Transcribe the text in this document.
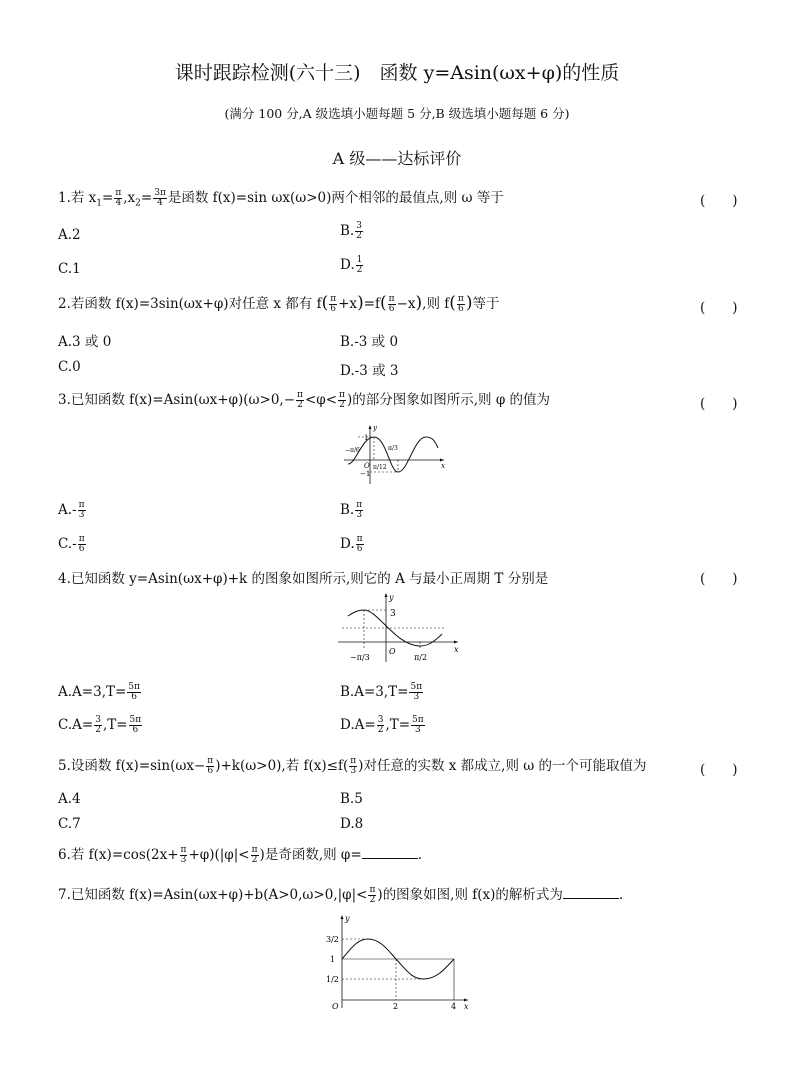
课时跟踪检测(六十三)　函数 y=Asin(ωx+φ)的性质
(满分 100 分,A 级选填小题每题 5 分,B 级选填小题每题 6 分)
A 级——达标评价
1.若 $x_1= \frac{\pi}{4} ,x_2= \frac{3\pi}{4}$ 是函数 f(x)=sin ωx(ω>0)两个相邻的最值点,则 ω 等于	(　　)
A.2	B. $\frac{3}{2}$
C.1	D. $\frac{1}{2}$
2.若函数 f(x)=3sin(ωx+φ)对任意 x 都有 $f( \frac{\pi}{6} +x)=f( \frac{\pi}{6} -x)$,则 $f( \frac{\pi}{6}$ )等于	(　　)
A.3 或 0	B.-3 或 0
C.0	D.-3 或 3
3.已知函数 $f(x)=Asin(\omega x+\varphi)(\omega>0,- \frac{\pi}{2} <\varphi< \frac{\pi}{2}$ )的部分图象如图所示,则 φ 的值为	(　　)
y
x
1
−1
O
−π/6	π/3
π/12
$A.- \frac{\pi}{3}$	B. $\frac{\pi}{3}$
$C.- \frac{\pi}{6}$	D. $\frac{\pi}{6}$
4.已知函数 y=Asin(ωx+φ)+k 的图象如图所示,则它的 A 与最小正周期 T 分别是	(　　)
y
x
3
O
−π/3	π/2
$A.A=3,T= \frac{5\pi}{6}$	$B.A=3,T= \frac{5\pi}{3}$
$C.A= \frac{3}{2} ,T= \frac{5\pi}{6}$	$D.A= \frac{3}{2} ,T= \frac{5\pi}{3}$
5.设函数 $f(x)=\sin(\omega x- \frac{\pi}{6} )+k(\omega>0)$,若 $f(x)\le f( \frac{\pi}{3}$ )对任意的实数 x 都成立,则 ω 的一个可能取值为	(　　)
A.4	B.5
C.7	D.8
6.若 $f(x)=\cos(2x+ \frac{\pi}{3} +\varphi)(|\varphi|< \frac{\pi}{2}$ )是奇函数,则 φ=	.
7.已知函数 $f(x)=Asin(\omega x+\varphi)+b(A>0,\omega>0,|\varphi|< \frac{\pi}{2}$ )的图象如图,则 f(x)的解析式为	.
y
x
3/2
1
1/2
O	2	4
